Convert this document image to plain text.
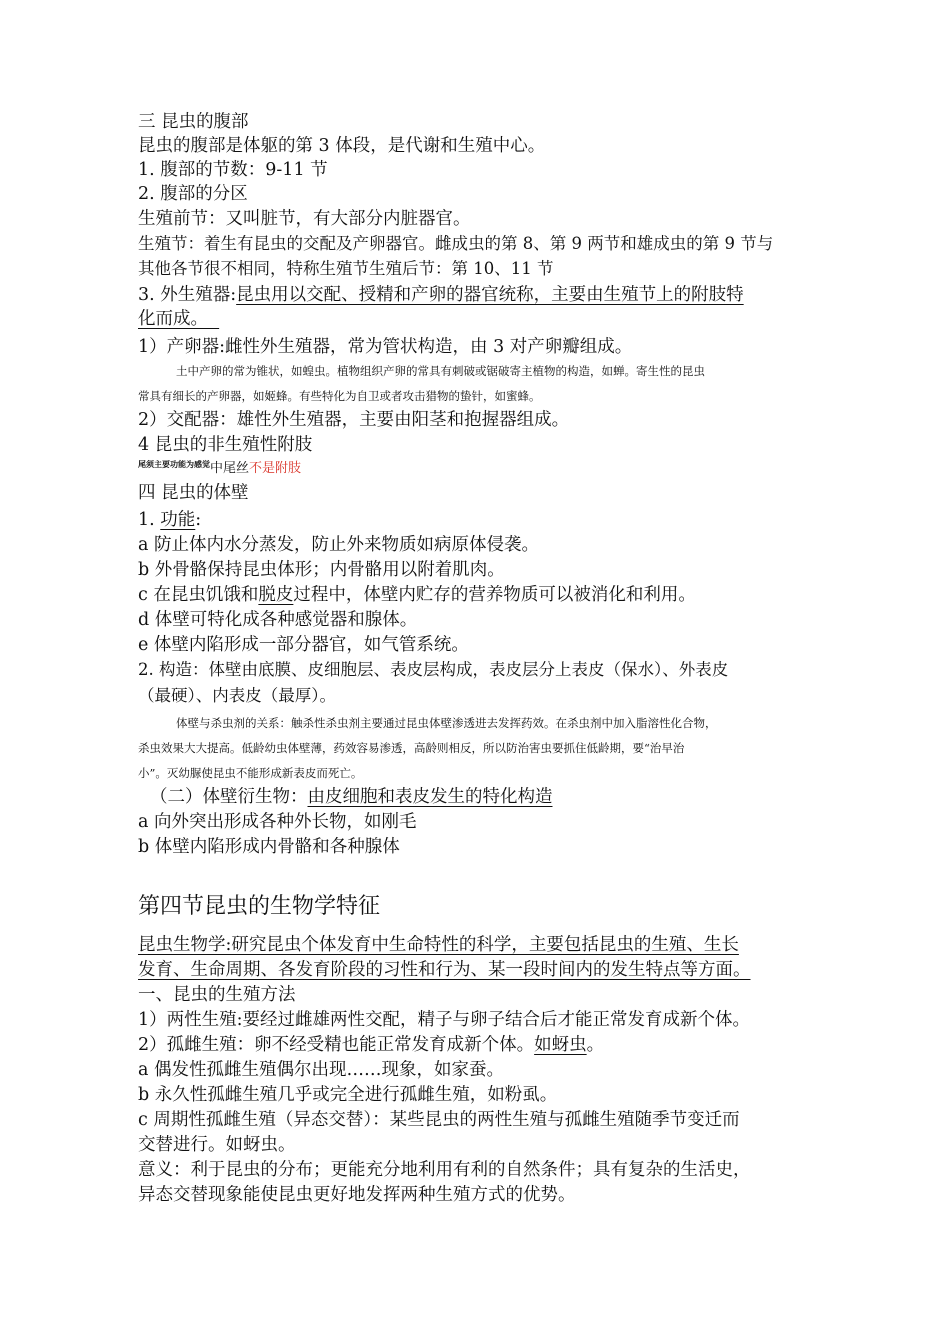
三 昆虫的腹部
昆虫的腹部是体躯的第 3 体段，是代谢和生殖中心。
1. 腹部的节数：9-11 节
2. 腹部的分区
生殖前节：又叫脏节，有大部分内脏器官。
生殖节：着生有昆虫的交配及产卵器官。雌成虫的第 8、第 9 两节和雄成虫的第 9 节与
其他各节很不相同，特称生殖节生殖后节：第 10、11 节
3. 外生殖器:昆虫用以交配、授精和产卵的器官统称，主要由生殖节上的附肢特
化而成。
1）产卵器:雌性外生殖器，常为管状构造，由 3 对产卵瓣组成。
土中产卵的常为锥状，如蝗虫。植物组织产卵的常具有刺破或锯破寄主植物的构造，如蝉。寄生性的昆虫
常具有细长的产卵器，如姬蜂。有些特化为自卫或者攻击猎物的蛰针，如蜜蜂。
2）交配器：雄性外生殖器，主要由阳茎和抱握器组成。
4 昆虫的非生殖性附肢
$^{尾须主要功能为感觉}$中尾丝不是附肢
四 昆虫的体壁
1. 功能:
a 防止体内水分蒸发，防止外来物质如病原体侵袭。
b 外骨骼保持昆虫体形；内骨骼用以附着肌肉。
c 在昆虫饥饿和脱皮过程中，体壁内贮存的营养物质可以被消化和利用。
d 体壁可特化成各种感觉器和腺体。
e 体壁内陷形成一部分器官，如气管系统。
2. 构造：体壁由底膜、皮细胞层、表皮层构成，表皮层分上表皮（保水）、外表皮
（最硬）、内表皮（最厚）。
体壁与杀虫剂的关系：触杀性杀虫剂主要通过昆虫体壁渗透进去发挥药效。在杀虫剂中加入脂溶性化合物，
杀虫效果大大提高。低龄幼虫体壁薄，药效容易渗透，高龄则相反，所以防治害虫要抓住低龄期，要“治早治
小”。灭幼脲使昆虫不能形成新表皮而死亡。
（二）体壁衍生物：由皮细胞和表皮发生的特化构造
a 向外突出形成各种外长物，如刚毛
b 体壁内陷形成内骨骼和各种腺体
第四节昆虫的生物学特征
昆虫生物学:研究昆虫个体发育中生命特性的科学，主要包括昆虫的生殖、生长
发育、生命周期、各发育阶段的习性和行为、某一段时间内的发生特点等方面。
一、昆虫的生殖方法
1）两性生殖:要经过雌雄两性交配，精子与卵子结合后才能正常发育成新个体。
2）孤雌生殖：卵不经受精也能正常发育成新个体。如蚜虫。
a 偶发性孤雌生殖偶尔出现……现象，如家蚕。
b 永久性孤雌生殖几乎或完全进行孤雌生殖，如粉虱。
c 周期性孤雌生殖（异态交替）：某些昆虫的两性生殖与孤雌生殖随季节变迁而
交替进行。如蚜虫。
意义：利于昆虫的分布；更能充分地利用有利的自然条件；具有复杂的生活史，
异态交替现象能使昆虫更好地发挥两种生殖方式的优势。
